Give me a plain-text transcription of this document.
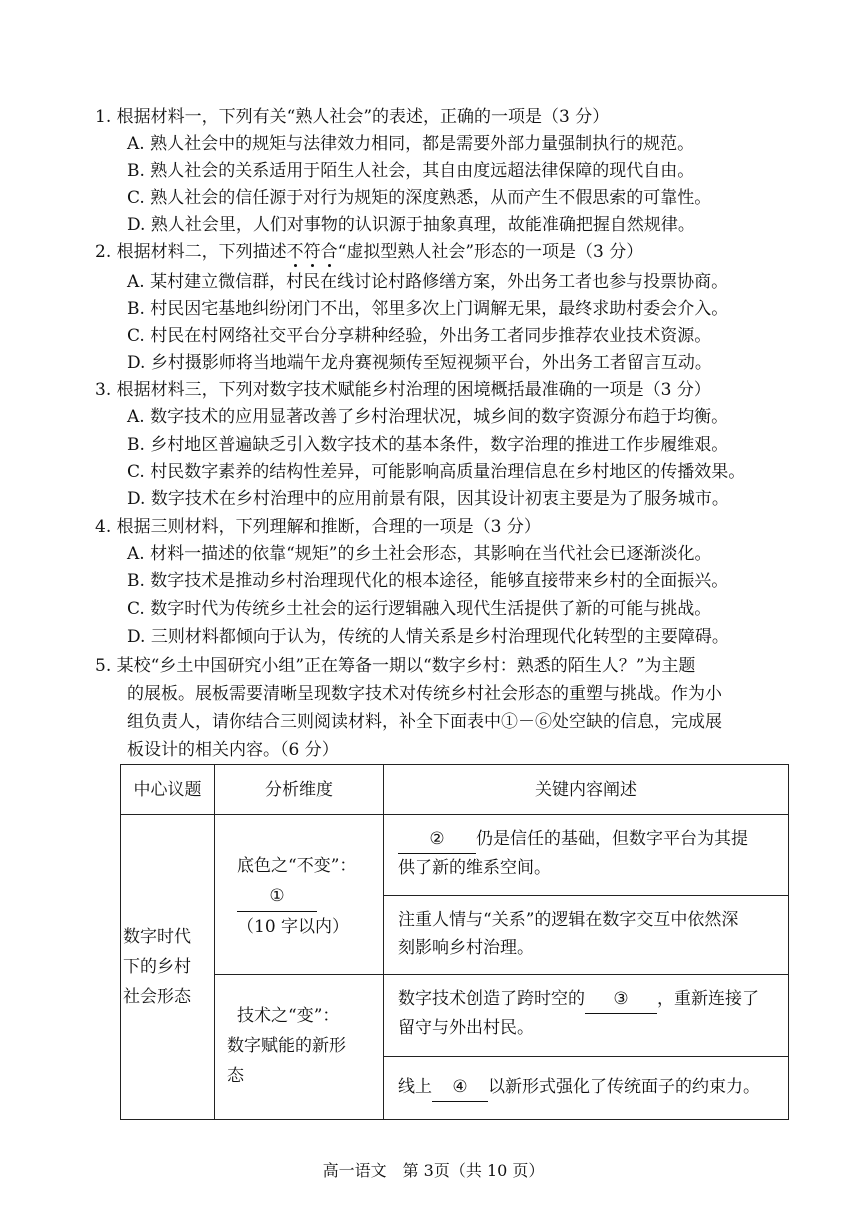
1. 根据材料一，下列有关“熟人社会”的表述，正确的一项是（3 分）
A. 熟人社会中的规矩与法律效力相同，都是需要外部力量强制执行的规范。
B. 熟人社会的关系适用于陌生人社会，其自由度远超法律保障的现代自由。
C. 熟人社会的信任源于对行为规矩的深度熟悉，从而产生不假思索的可靠性。
D. 熟人社会里，人们对事物的认识源于抽象真理，故能准确把握自然规律。
2. 根据材料二，下列描述不符合“虚拟型熟人社会”形态的一项是（3 分）
A. 某村建立微信群，村民在线讨论村路修缮方案，外出务工者也参与投票协商。
B. 村民因宅基地纠纷闭门不出，邻里多次上门调解无果，最终求助村委会介入。
C. 村民在村网络社交平台分享耕种经验，外出务工者同步推荐农业技术资源。
D. 乡村摄影师将当地端午龙舟赛视频传至短视频平台，外出务工者留言互动。
3. 根据材料三，下列对数字技术赋能乡村治理的困境概括最准确的一项是（3 分）
A. 数字技术的应用显著改善了乡村治理状况，城乡间的数字资源分布趋于均衡。
B. 乡村地区普遍缺乏引入数字技术的基本条件，数字治理的推进工作步履维艰。
C. 村民数字素养的结构性差异，可能影响高质量治理信息在乡村地区的传播效果。
D. 数字技术在乡村治理中的应用前景有限，因其设计初衷主要是为了服务城市。
4. 根据三则材料，下列理解和推断，合理的一项是（3 分）
A. 材料一描述的依靠“规矩”的乡土社会形态，其影响在当代社会已逐渐淡化。
B. 数字技术是推动乡村治理现代化的根本途径，能够直接带来乡村的全面振兴。
C. 数字时代为传统乡土社会的运行逻辑融入现代生活提供了新的可能与挑战。
D. 三则材料都倾向于认为，传统的人情关系是乡村治理现代化转型的主要障碍。
5. 某校“乡土中国研究小组”正在筹备一期以“数字乡村：熟悉的陌生人？”为主题
的展板。展板需要清晰呈现数字技术对传统乡村社会形态的重塑与挑战。作为小
组负责人，请你结合三则阅读材料，补全下面表中①－⑥处空缺的信息，完成展
板设计的相关内容。（6 分）
中心议题	分析维度	关键内容阐述
数字时代
下的乡村
社会形态
底色之“不变”：
①
（10 字以内）
技术之“变”：
数字赋能的新形
态
② 仍是信任的基础，但数字平台为其提
供了新的维系空间。
注重人情与“关系”的逻辑在数字交互中依然深
刻影响乡村治理。
数字技术创造了跨时空的 ③ ，重新连接了
留守与外出村民。
线上 ④ 以新形式强化了传统面子的约束力。
高一语文　第 3页（共 10 页）
